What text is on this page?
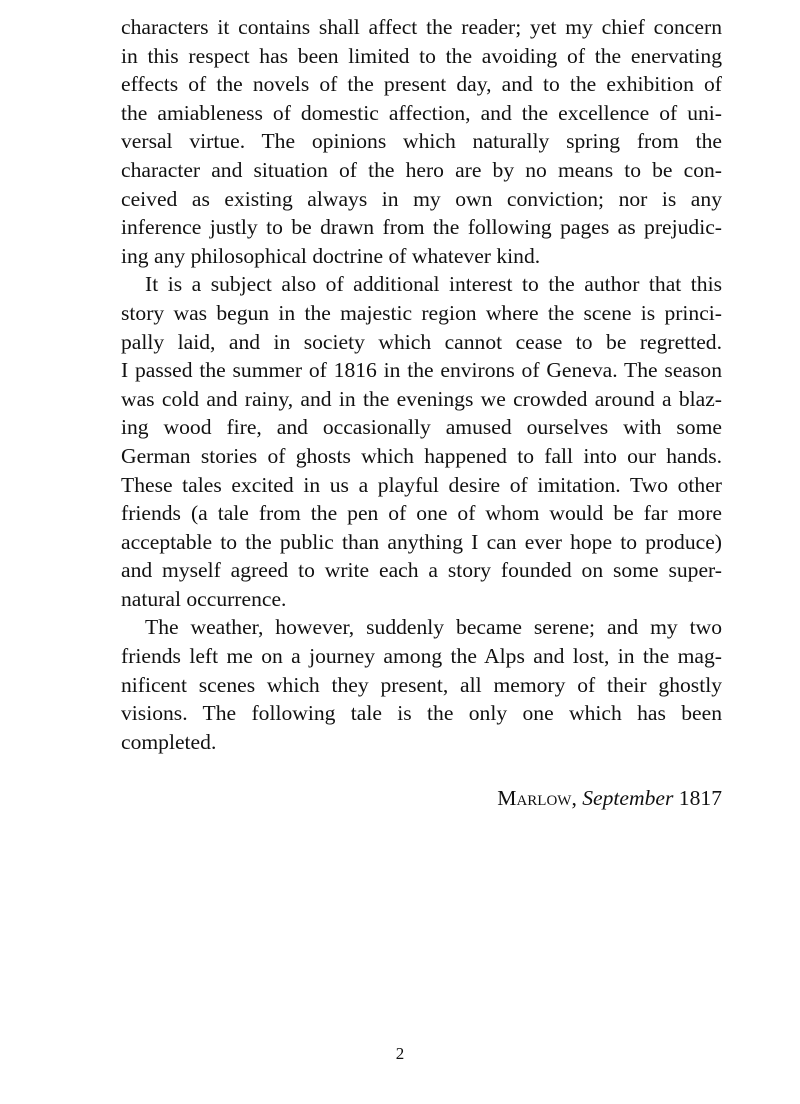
characters it contains shall affect the reader; yet my chief concern
in this respect has been limited to the avoiding of the enervating
effects of the novels of the present day, and to the exhibition of
the amiableness of domestic affection, and the excellence of uni-
versal virtue. The opinions which naturally spring from the
character and situation of the hero are by no means to be con-
ceived as existing always in my own conviction; nor is any
inference justly to be drawn from the following pages as prejudic-
ing any philosophical doctrine of whatever kind.
It is a subject also of additional interest to the author that this
story was begun in the majestic region where the scene is princi-
pally laid, and in society which cannot cease to be regretted.
I passed the summer of 1816 in the environs of Geneva. The season
was cold and rainy, and in the evenings we crowded around a blaz-
ing wood fire, and occasionally amused ourselves with some
German stories of ghosts which happened to fall into our hands.
These tales excited in us a playful desire of imitation. Two other
friends (a tale from the pen of one of whom would be far more
acceptable to the public than anything I can ever hope to produce)
and myself agreed to write each a story founded on some super-
natural occurrence.
The weather, however, suddenly became serene; and my two
friends left me on a journey among the Alps and lost, in the mag-
nificent scenes which they present, all memory of their ghostly
visions. The following tale is the only one which has been
completed.
Marlow, September 1817
2
